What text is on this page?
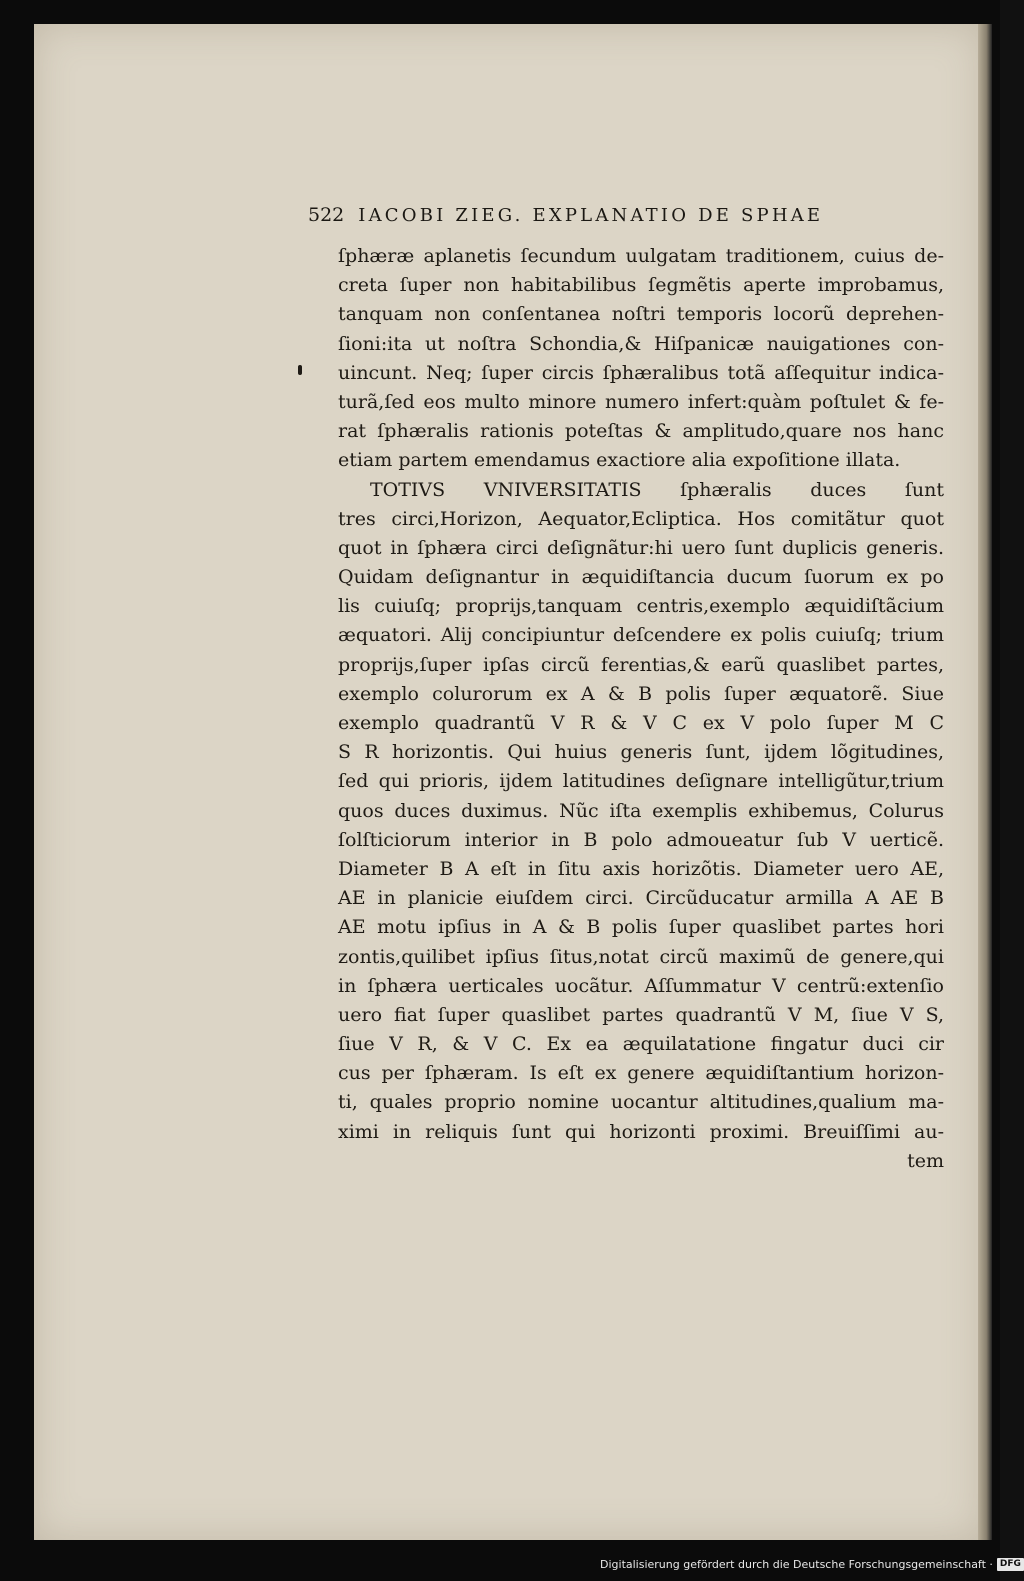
522 IACOBI ZIEG. EXPLANATIO DE SPHAE
ſphæræ aplanetis ſecundum uulgatam traditionem, cuius de-
creta ſuper non habitabilibus ſegmẽtis aperte improbamus,
tanquam non conſentanea noſtri temporis locorũ deprehen-
ſioni:ita ut noſtra Schondia,& Hiſpanicæ nauigationes con-
uincunt. Neq; ſuper circis ſphæralibus totã aſſequitur indica-
turã,ſed eos multo minore numero infert:quàm poſtulet & fe-
rat ſphæralis rationis poteſtas & amplitudo,quare nos hanc
etiam partem emendamus exactiore alia expoſitione illata.
TOTIVS VNIVERSITATIS ſphæralis duces ſunt
tres circi,Horizon, Aequator,Ecliptica. Hos comitãtur quot
quot in ſphæra circi deſignãtur:hi uero ſunt duplicis generis.
Quidam deſignantur in æquidiſtancia ducum ſuorum ex po
lis cuiuſq; proprijs,tanquam centris,exemplo æquidiſtãcium
æquatori. Alij concipiuntur deſcendere ex polis cuiuſq; trium
proprijs,ſuper ipſas circũ ferentias,& earũ quaslibet partes,
exemplo colurorum ex A & B polis ſuper æquatorẽ. Siue
exemplo quadrantũ V R & V C ex V polo ſuper M C
S R horizontis. Qui huius generis ſunt, ijdem lõgitudines,
ſed qui prioris, ijdem latitudines deſignare intelligũtur,trium
quos duces duximus. Nũc iſta exemplis exhibemus, Colurus
ſolſticiorum interior in B polo admoueatur ſub V uerticẽ.
Diameter B A eſt in ſitu axis horizõtis. Diameter uero AE,
AE in planicie eiuſdem circi. Circũducatur armilla A AE B
AE motu ipſius in A & B polis ſuper quaslibet partes hori
zontis,quilibet ipſius ſitus,notat circũ maximũ de genere,qui
in ſphæra uerticales uocãtur. Aſſummatur V centrũ:extenſio
uero fiat ſuper quaslibet partes quadrantũ V M, ſiue V S,
ſiue V R, & V C. Ex ea æquilatatione fingatur duci cir
cus per ſphæram. Is eſt ex genere æquidiſtantium horizon-
ti, quales proprio nomine uocantur altitudines,qualium ma-
ximi in reliquis ſunt qui horizonti proximi. Breuiſſimi au-
tem
Digitalisierung gefördert durch die Deutsche Forschungsgemeinschaft · DFG
